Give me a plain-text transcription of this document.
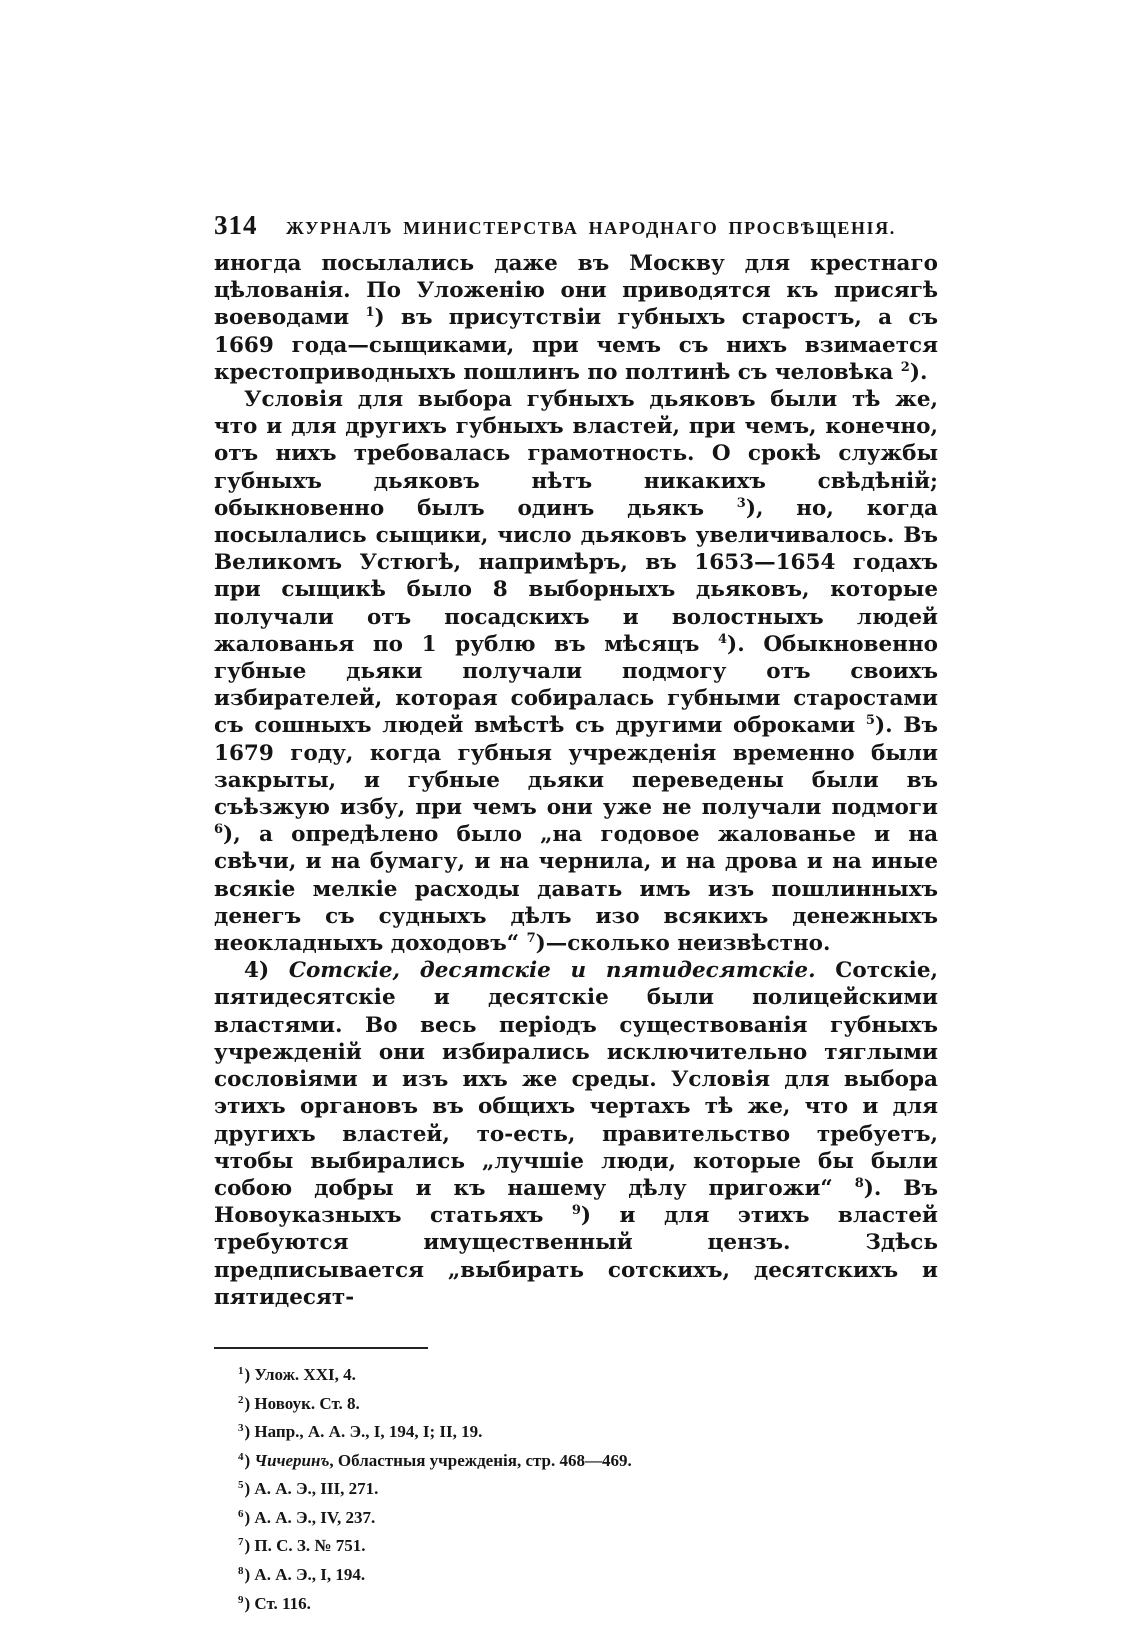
314	ЖУРНАЛЪ МИНИСТЕРСТВА НАРОДНАГО ПРОСВѢЩЕНІЯ.

иногда посылались даже въ Москву для крестнаго цѣлованія. По Уложенію они приводятся къ присягѣ воеводами $^1$) въ присутствіи губныхъ старостъ, а съ 1669 года—сыщиками, при чемъ съ нихъ взимается крестоприводныхъ пошлинъ по полтинѣ съ человѣка $^2$).

Условія для выбора губныхъ дьяковъ были тѣ же, что и для другихъ губныхъ властей, при чемъ, конечно, отъ нихъ требовалась грамотность. О срокѣ службы губныхъ дьяковъ нѣтъ никакихъ свѣдѣній; обыкновенно былъ одинъ дьякъ $^3$), но, когда посылались сыщики, число дьяковъ увеличивалось. Въ Великомъ Устюгѣ, напримѣръ, въ 1653—1654 годахъ при сыщикѣ было 8 выборныхъ дьяковъ, которые получали отъ посадскихъ и волостныхъ людей жалованья по 1 рублю въ мѣсяцъ $^4$). Обыкновенно губные дьяки получали подмогу отъ своихъ избирателей, которая собиралась губными старостами съ сошныхъ людей вмѣстѣ съ другими оброками $^5$). Въ 1679 году, когда губныя учрежденія временно были закрыты, и губные дьяки переведены были въ съѣзжую избу, при чемъ они уже не получали подмоги $^6$), а опредѣлено было „на годовое жалованье и на свѣчи, и на бумагу, и на чернила, и на дрова и на иные всякіе мелкіе расходы давать имъ изъ пошлинныхъ денегъ съ судныхъ дѣлъ изо всякихъ денежныхъ неокладныхъ доходовъ“ $^7$)—сколько неизвѣстно.

4) Сотскіе, десятскіе и пятидесятскіе. Сотскіе, пятидесятскіе и десятскіе были полицейскими властями. Во весь періодъ существованія губныхъ учрежденій они избирались исключительно тяглыми сословіями и изъ ихъ же среды. Условія для выбора этихъ органовъ въ общихъ чертахъ тѣ же, что и для другихъ властей, то-есть, правительство требуетъ, чтобы выбирались „лучшіе люди, которые бы были собою добры и къ нашему дѣлу пригожи“ $^8$). Въ Новоуказныхъ статьяхъ $^9$) и для этихъ властей требуются имущественный цензъ. Здѣсь предписывается „выбирать сотскихъ, десятскихъ и пятидесят-

$^1$) Улож. XXI, 4.
$^2$) Новоук. Ст. 8.
$^3$) Напр., А. А. Э., I, 194, I; II, 19.
$^4$) Чичеринъ, Областныя учрежденія, стр. 468—469.
$^5$) А. А. Э., III, 271.
$^6$) А. А. Э., IV, 237.
$^7$) П. С. З. № 751.
$^8$) А. А. Э., I, 194.
$^9$) Ст. 116.
